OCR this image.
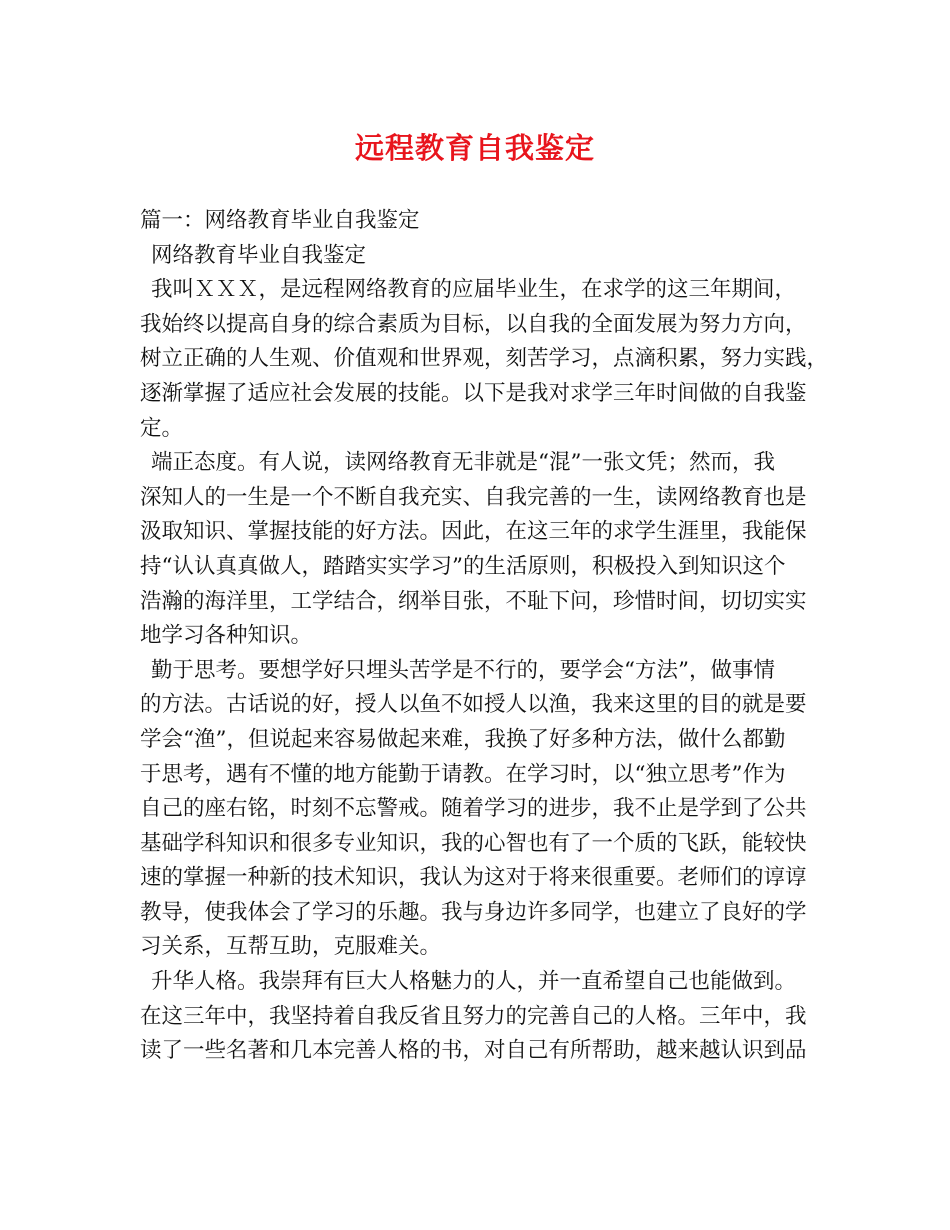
远程教育自我鉴定
篇一：网络教育毕业自我鉴定
网络教育毕业自我鉴定
我叫ＸＸＸ，是远程网络教育的应届毕业生，在求学的这三年期间，
我始终以提高自身的综合素质为目标，以自我的全面发展为努力方向，
树立正确的人生观、价值观和世界观，刻苦学习，点滴积累，努力实践，
逐渐掌握了适应社会发展的技能。以下是我对求学三年时间做的自我鉴
定。
端正态度。有人说，读网络教育无非就是“混”一张文凭；然而，我
深知人的一生是一个不断自我充实、自我完善的一生，读网络教育也是
汲取知识、掌握技能的好方法。因此，在这三年的求学生涯里，我能保
持“认认真真做人，踏踏实实学习”的生活原则，积极投入到知识这个
浩瀚的海洋里，工学结合，纲举目张，不耻下问，珍惜时间，切切实实
地学习各种知识。
勤于思考。要想学好只埋头苦学是不行的，要学会“方法”，做事情
的方法。古话说的好，授人以鱼不如授人以渔，我来这里的目的就是要
学会“渔”，但说起来容易做起来难，我换了好多种方法，做什么都勤
于思考，遇有不懂的地方能勤于请教。在学习时，以“独立思考”作为
自己的座右铭，时刻不忘警戒。随着学习的进步，我不止是学到了公共
基础学科知识和很多专业知识，我的心智也有了一个质的飞跃，能较快
速的掌握一种新的技术知识，我认为这对于将来很重要。老师们的谆谆
教导，使我体会了学习的乐趣。我与身边许多同学，也建立了良好的学
习关系，互帮互助，克服难关。
升华人格。我崇拜有巨大人格魅力的人，并一直希望自己也能做到。
在这三年中，我坚持着自我反省且努力的完善自己的人格。三年中，我
读了一些名著和几本完善人格的书，对自己有所帮助，越来越认识到品
